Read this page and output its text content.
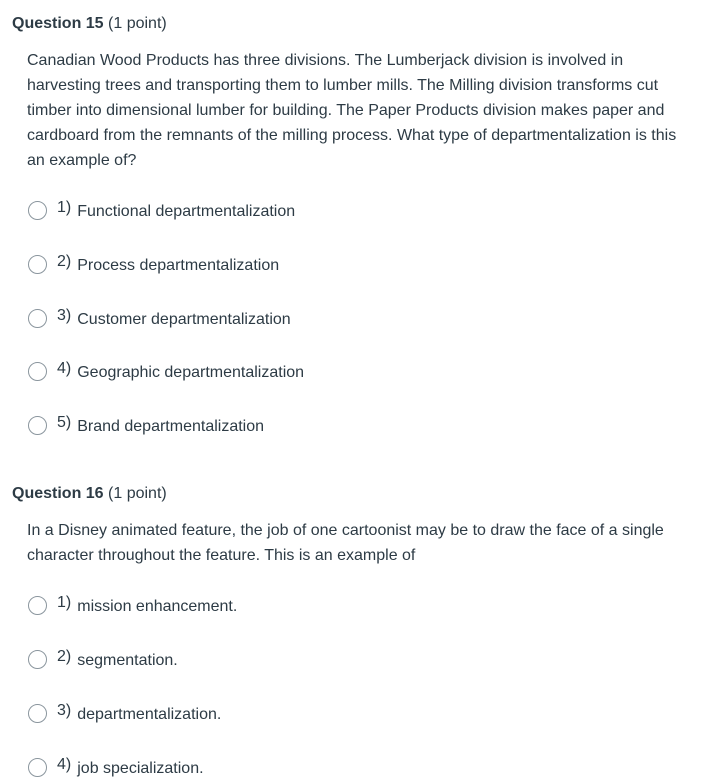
Question 15 (1 point)
Canadian Wood Products has three divisions. The Lumberjack division is involved in harvesting trees and transporting them to lumber mills. The Milling division transforms cut timber into dimensional lumber for building. The Paper Products division makes paper and cardboard from the remnants of the milling process. What type of departmentalization is this an example of?
1) Functional departmentalization
2) Process departmentalization
3) Customer departmentalization
4) Geographic departmentalization
5) Brand departmentalization
Question 16 (1 point)
In a Disney animated feature, the job of one cartoonist may be to draw the face of a single character throughout the feature. This is an example of
1) mission enhancement.
2) segmentation.
3) departmentalization.
4) job specialization.
